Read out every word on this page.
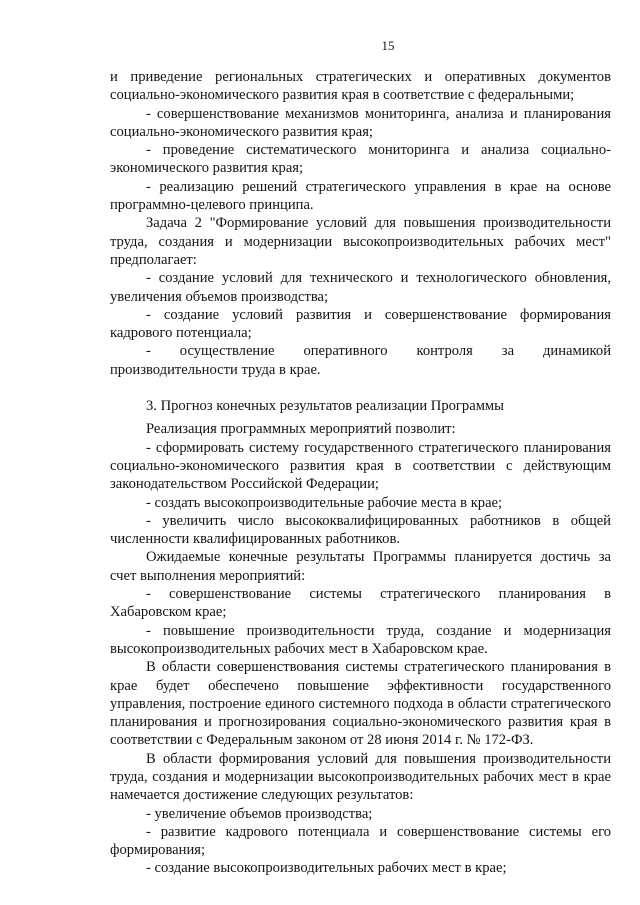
15

и приведение региональных стратегических и оперативных документов социально-экономического развития края в соответствие с федеральными;

- совершенствование механизмов мониторинга, анализа и планирования социально-экономического развития края;

- проведение систематического мониторинга и анализа социально-экономического развития края;

- реализацию решений стратегического управления в крае на основе программно-целевого принципа.

Задача 2 "Формирование условий для повышения производительности труда, создания и модернизации высокопроизводительных рабочих мест" предполагает:

- создание условий для технического и технологического обновления, увеличения объемов производства;

- создание условий развития и совершенствование формирования кадрового потенциала;

- осуществление оперативного контроля за динамикой производительности труда в крае.

3. Прогноз конечных результатов реализации Программы

Реализация программных мероприятий позволит:

- сформировать систему государственного стратегического планирования социально-экономического развития края в соответствии с действующим законодательством Российской Федерации;

- создать высокопроизводительные рабочие места в крае;

- увеличить число высококвалифицированных работников в общей численности квалифицированных работников.

Ожидаемые конечные результаты Программы планируется достичь за счет выполнения мероприятий:

- совершенствование системы стратегического планирования в Хабаровском крае;

- повышение производительности труда, создание и модернизация высокопроизводительных рабочих мест в Хабаровском крае.

В области совершенствования системы стратегического планирования в крае будет обеспечено повышение эффективности государственного управления, построение единого системного подхода в области стратегического планирования и прогнозирования социально-экономического развития края в соответствии с Федеральным законом от 28 июня 2014 г. № 172-ФЗ.

В области формирования условий для повышения производительности труда, создания и модернизации высокопроизводительных рабочих мест в крае намечается достижение следующих результатов:

- увеличение объемов производства;

- развитие кадрового потенциала и совершенствование системы его формирования;

- создание высокопроизводительных рабочих мест в крае;
